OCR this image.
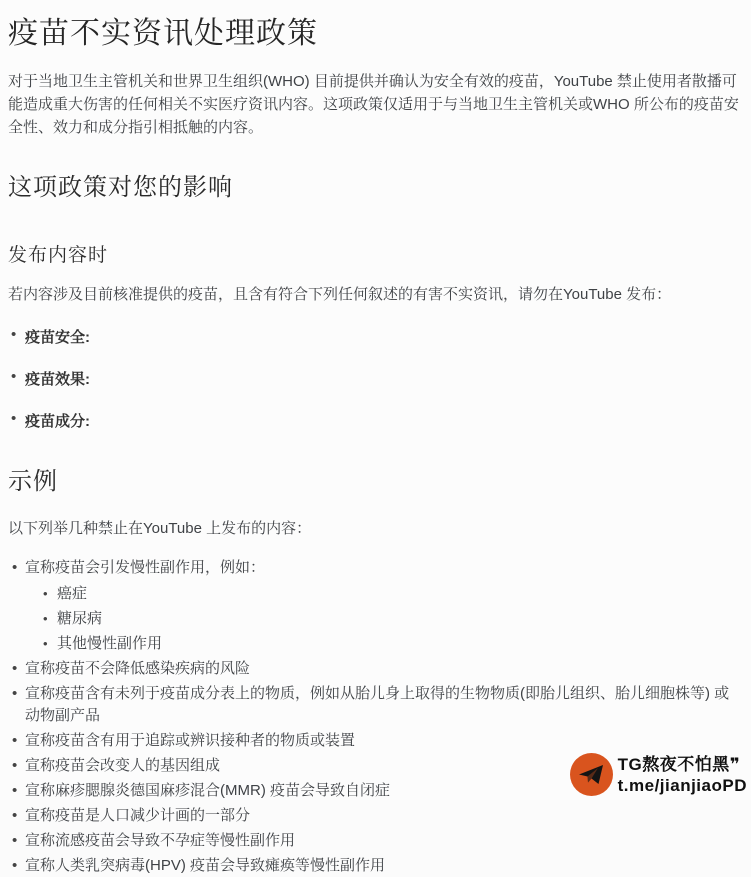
疫苗不实资讯处理政策

对于当地卫生主管机关和世界卫生组织(WHO) 目前提供并确认为安全有效的疫苗，YouTube 禁止使用者散播可能造成重大伤害的任何相关不实医疗资讯内容。这项政策仅适用于与当地卫生主管机关或WHO 所公布的疫苗安全性、效力和成分指引相抵触的内容。

这项政策对您的影响
发布内容时

若内容涉及目前核准提供的疫苗，且含有符合下列任何叙述的有害不实资讯，请勿在YouTube 发布：

• 疫苗安全:
• 疫苗效果:
• 疫苗成分:
示例

以下列举几种禁止在YouTube 上发布的内容：

• 宣称疫苗会引发慢性副作用，例如：
• 癌症
• 糖尿病
• 其他慢性副作用
• 宣称疫苗不会降低感染疾病的风险
• 宣称疫苗含有未列于疫苗成分表上的物质，例如从胎儿身上取得的生物物质(即胎儿组织、胎儿细胞株等) 或动物副产品
• 宣称疫苗含有用于追踪或辨识接种者的物质或装置
• 宣称疫苗会改变人的基因组成
• 宣称麻疹腮腺炎德国麻疹混合(MMR) 疫苗会导致自闭症
• 宣称疫苗是人口减少计画的一部分
• 宣称流感疫苗会导致不孕症等慢性副作用
• 宣称人类乳突病毒(HPV) 疫苗会导致瘫痪等慢性副作用
TG熬夜不怕黑❞
t.me/jianjiaoPD
